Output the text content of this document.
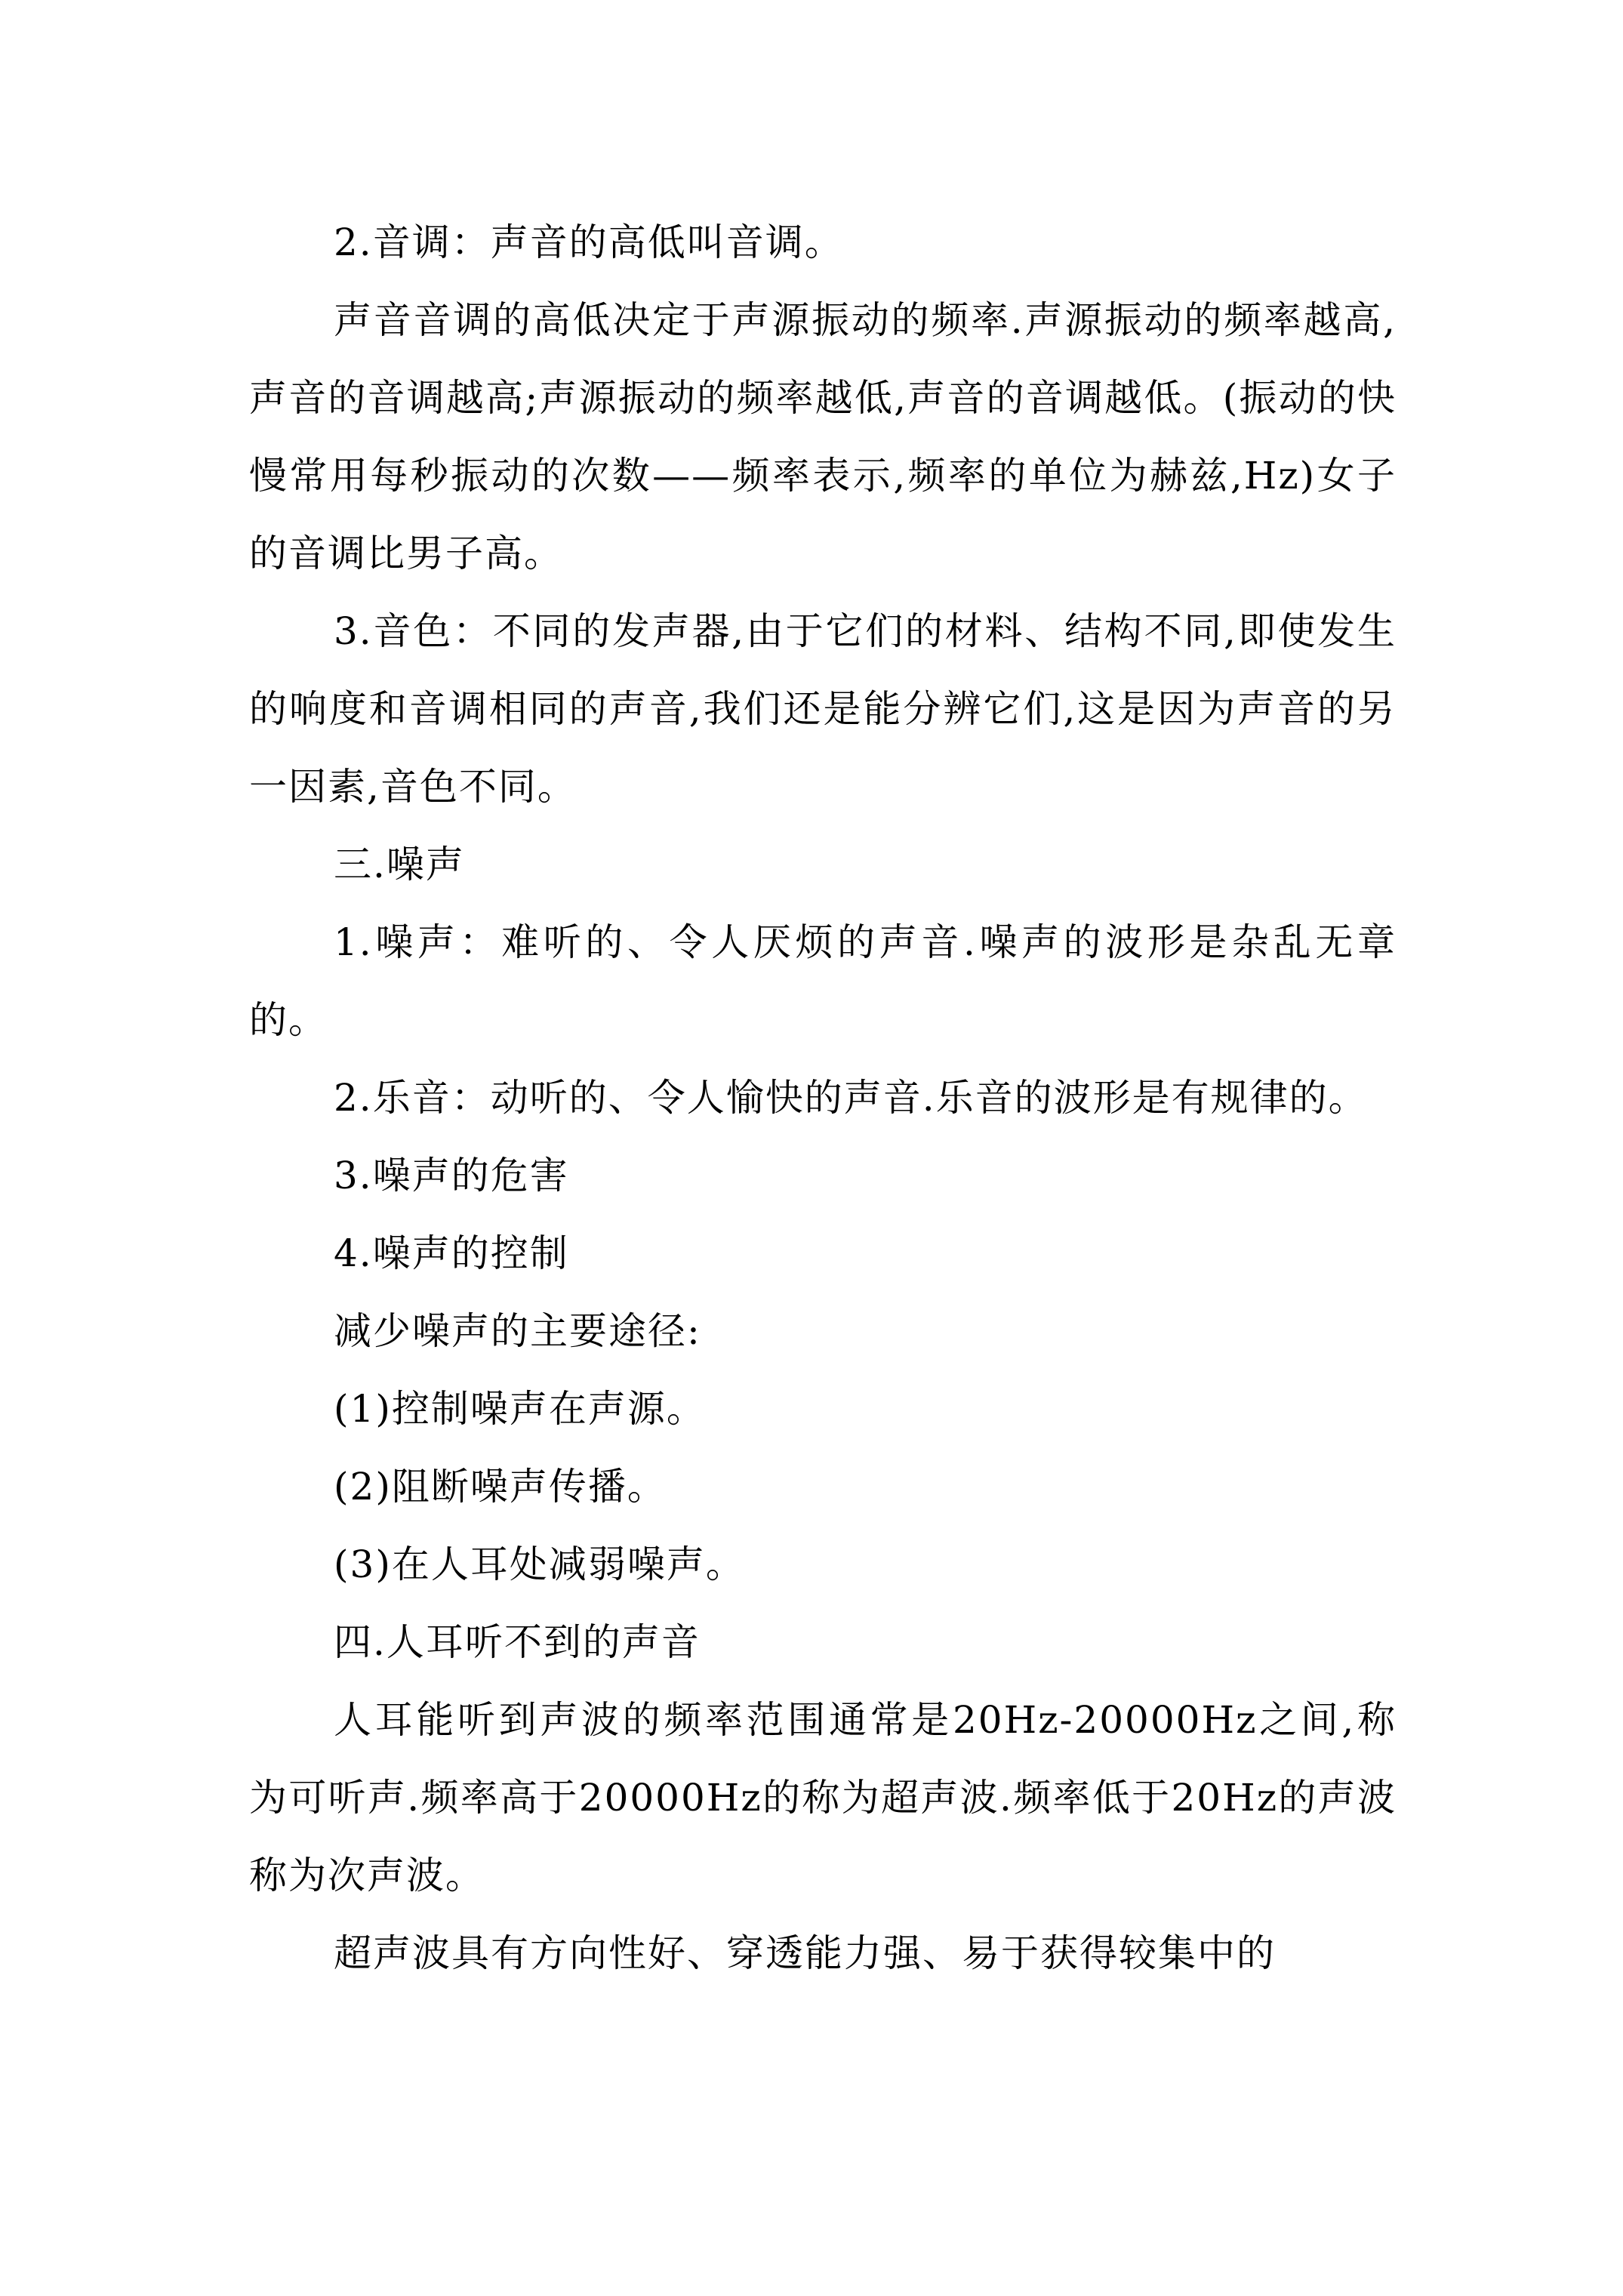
2.音调：声音的高低叫音调。

声音音调的高低决定于声源振动的频率.声源振动的频率越高,声音的音调越高;声源振动的频率越低,声音的音调越低。(振动的快慢常用每秒振动的次数——频率表示,频率的单位为赫兹,Hz)女子的音调比男子高。

3.音色：不同的发声器,由于它们的材料、结构不同,即使发生的响度和音调相同的声音,我们还是能分辨它们,这是因为声音的另一因素,音色不同。

三.噪声

1.噪声：难听的、令人厌烦的声音.噪声的波形是杂乱无章的。

2.乐音：动听的、令人愉快的声音.乐音的波形是有规律的。

3.噪声的危害

4.噪声的控制

减少噪声的主要途径:

(1)控制噪声在声源。

(2)阻断噪声传播。

(3)在人耳处减弱噪声。

四.人耳听不到的声音

人耳能听到声波的频率范围通常是20Hz-20000Hz之间,称为可听声.频率高于20000Hz的称为超声波.频率低于20Hz的声波称为次声波。

超声波具有方向性好、穿透能力强、易于获得较集中的
